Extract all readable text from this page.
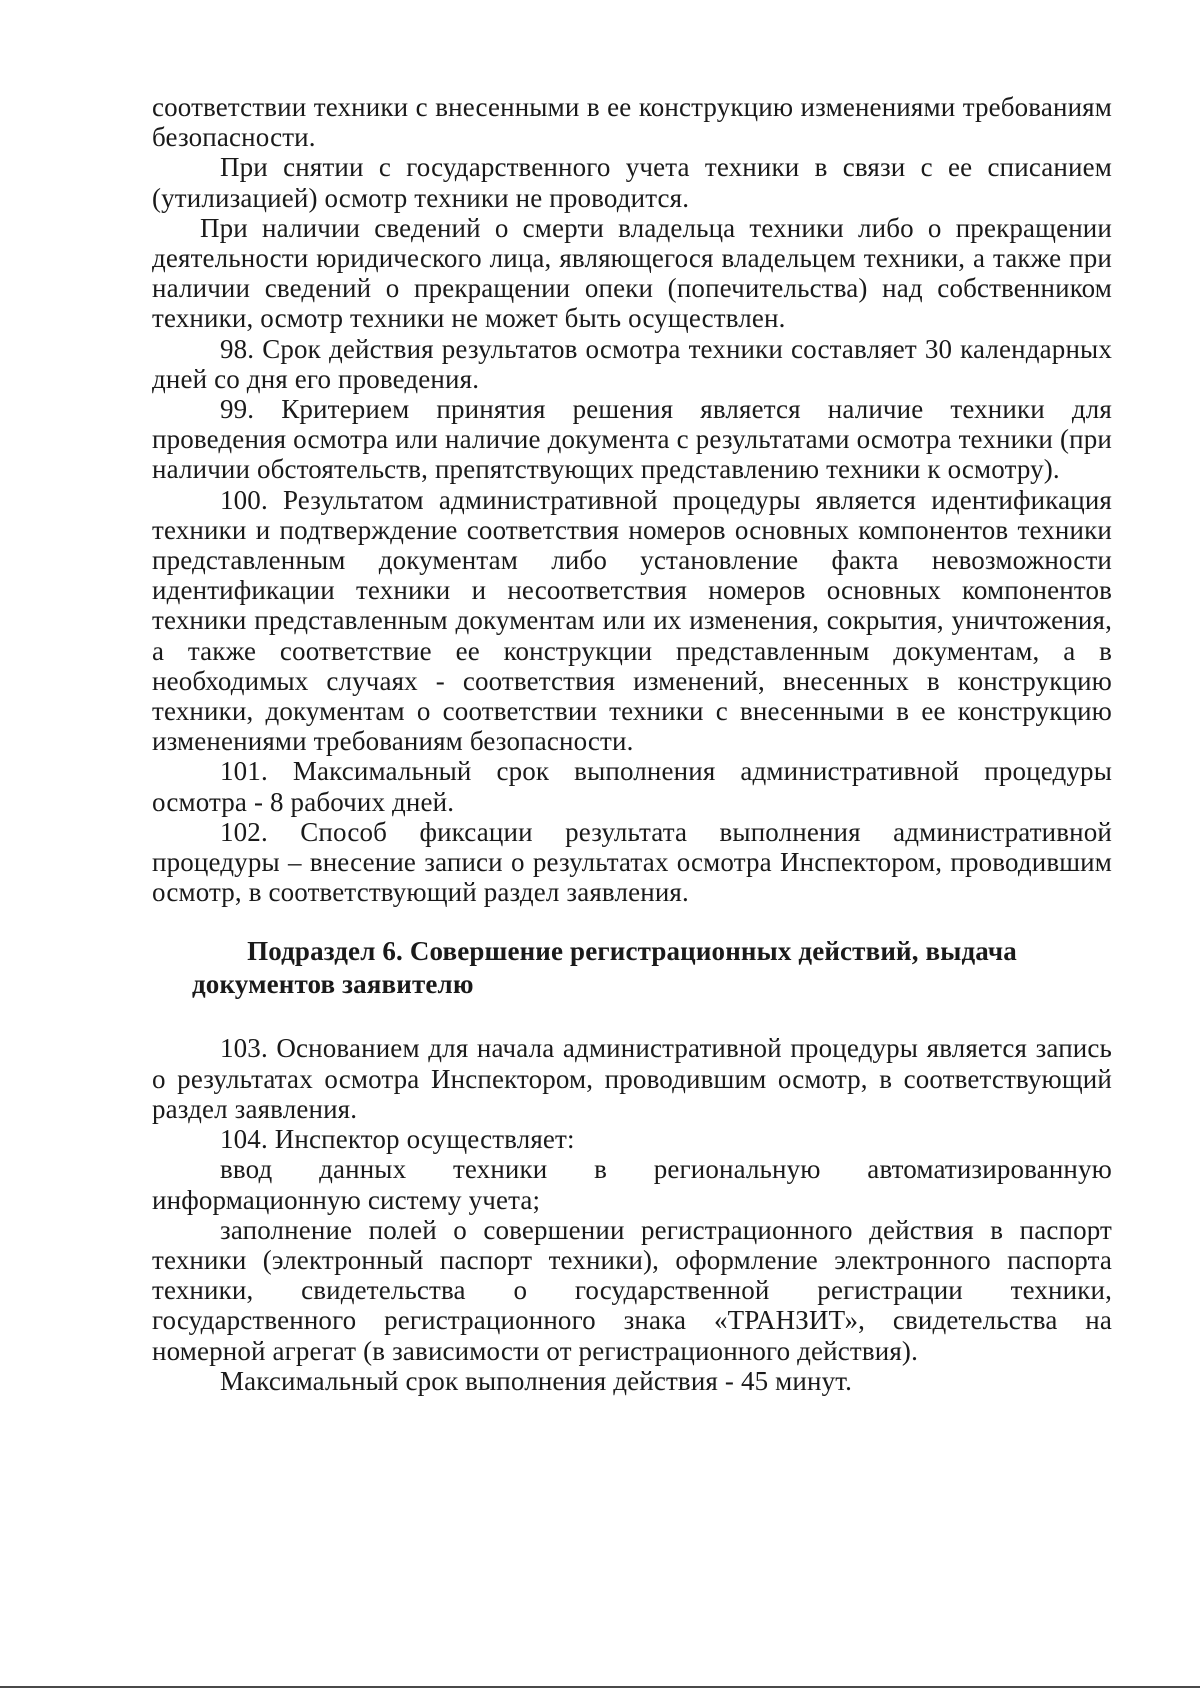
соответствии техники с внесенными в ее конструкцию изменениями требованиям безопасности.

При снятии с государственного учета техники в связи с ее списанием (утилизацией) осмотр техники не проводится.

При наличии сведений о смерти владельца техники либо о прекращении деятельности юридического лица, являющегося владельцем техники, а также при наличии сведений о прекращении опеки (попечительства) над собственником техники, осмотр техники не может быть осуществлен.

98. Срок действия результатов осмотра техники составляет 30 календарных дней со дня его проведения.

99. Критерием принятия решения является наличие техники для проведения осмотра или наличие документа с результатами осмотра техники (при наличии обстоятельств, препятствующих представлению техники к осмотру).

100. Результатом административной процедуры является идентификация техники и подтверждение соответствия номеров основных компонентов техники представленным документам либо установление факта невозможности идентификации техники и несоответствия номеров основных компонентов техники представленным документам или их изменения, сокрытия, уничтожения, а также соответствие ее конструкции представленным документам, а в необходимых случаях - соответствия изменений, внесенных в конструкцию техники, документам о соответствии техники с внесенными в ее конструкцию изменениями требованиям безопасности.

101. Максимальный срок выполнения административной процедуры осмотра - 8 рабочих дней.

102. Способ фиксации результата выполнения административной процедуры – внесение записи о результатах осмотра Инспектором, проводившим осмотр, в соответствующий раздел заявления.

Подраздел 6. Совершение регистрационных действий, выдача документов заявителю

103. Основанием для начала административной процедуры является запись о результатах осмотра Инспектором, проводившим осмотр, в соответствующий раздел заявления.

104. Инспектор осуществляет:

ввод данных техники в региональную автоматизированную информационную систему учета;

заполнение полей о совершении регистрационного действия в паспорт техники (электронный паспорт техники), оформление электронного паспорта техники, свидетельства о государственной регистрации техники, государственного регистрационного знака «ТРАНЗИТ», свидетельства на номерной агрегат (в зависимости от регистрационного действия).

Максимальный срок выполнения действия - 45 минут.
